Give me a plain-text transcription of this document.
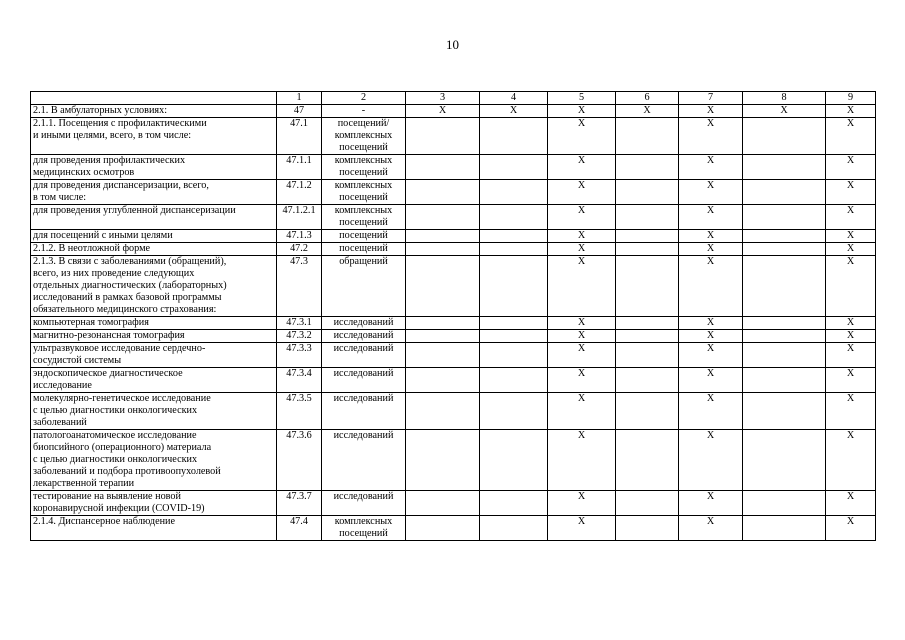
10
	1	2	3	4	5	6	7	8	9
2.1. В амбулаторных условиях:	47	-	X	X	X	X	X	X	X
2.1.1. Посещения с профилактическими
и иными целями, всего, в том числе:	47.1	посещений/
комплексных
посещений			X		X		X
для проведения профилактических
медицинских осмотров	47.1.1	комплексных
посещений			X		X		X
для проведения диспансеризации, всего,
в том числе:	47.1.2	комплексных
посещений			X		X		X
для проведения углубленной диспансеризации	47.1.2.1	комплексных
посещений			X		X		X
для посещений с иными целями	47.1.3	посещений			X		X		X
2.1.2. В неотложной форме	47.2	посещений			X		X		X
2.1.3. В связи с заболеваниями (обращений),
всего, из них проведение следующих
отдельных диагностических (лабораторных)
исследований в рамках базовой программы
обязательного медицинского страхования:	47.3	обращений			X		X		X
компьютерная томография	47.3.1	исследований			X		X		X
магнитно-резонансная томография	47.3.2	исследований			X		X		X
ультразвуковое исследование сердечно-
сосудистой системы	47.3.3	исследований			X		X		X
эндоскопическое диагностическое
исследование	47.3.4	исследований			X		X		X
молекулярно-генетическое исследование
с целью диагностики онкологических
заболеваний	47.3.5	исследований			X		X		X
патологоанатомическое исследование
биопсийного (операционного) материала
с целью диагностики онкологических
заболеваний и подбора противоопухолевой
лекарственной терапии	47.3.6	исследований			X		X		X
тестирование на выявление новой
коронавирусной инфекции (COVID-19)	47.3.7	исследований			X		X		X
2.1.4. Диспансерное наблюдение	47.4	комплексных
посещений			X		X		X
